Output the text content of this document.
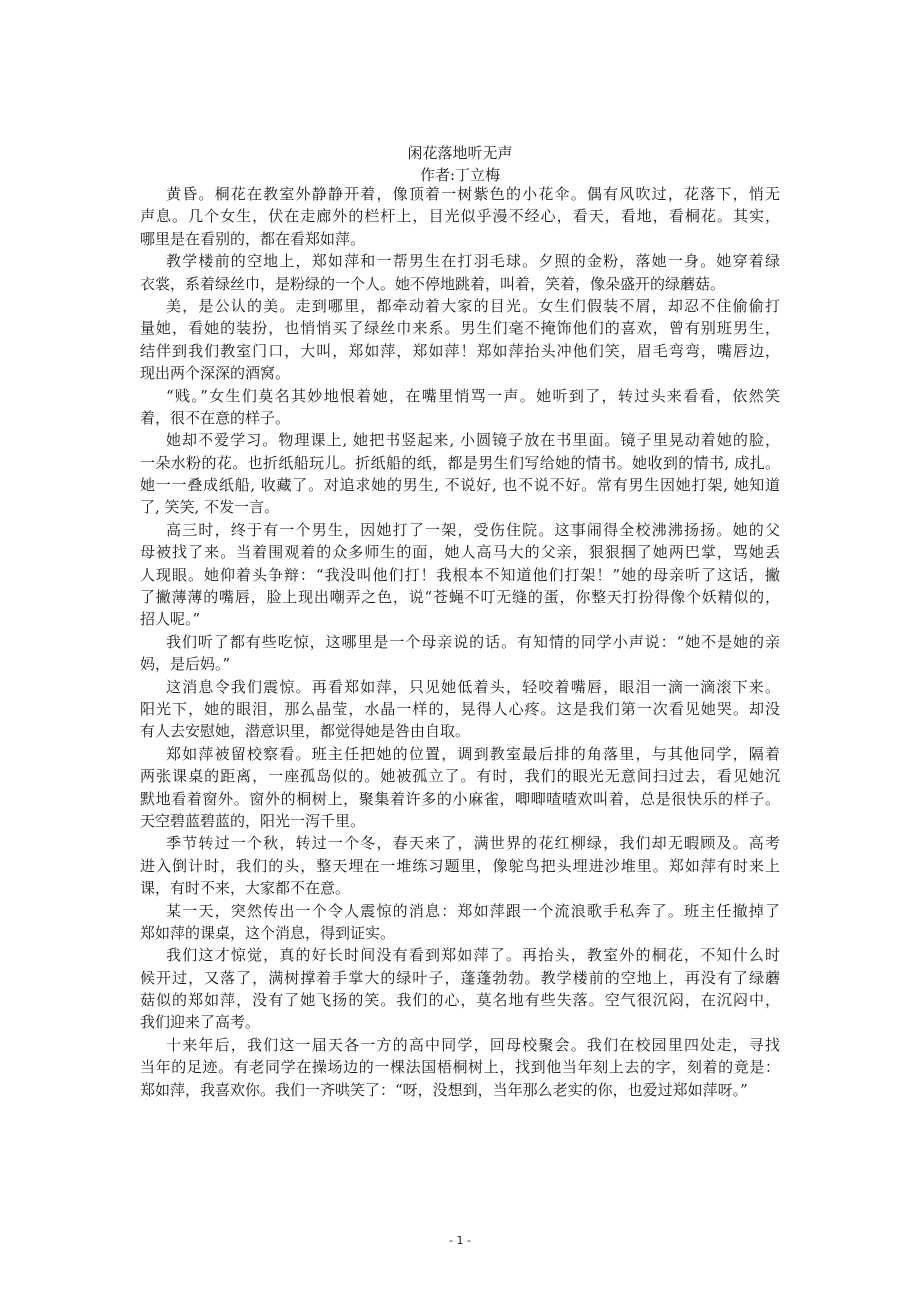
闲花落地听无声
作者:丁立梅

黄昏。桐花在教室外静静开着，像顶着一树紫色的小花伞。偶有风吹过，花落下，悄无
声息。几个女生，伏在走廊外的栏杆上，目光似乎漫不经心，看天，看地，看桐花。其实，
哪里是在看别的，都在看郑如萍。

教学楼前的空地上，郑如萍和一帮男生在打羽毛球。夕照的金粉，落她一身。她穿着绿
衣裳，系着绿丝巾，是粉绿的一个人。她不停地跳着，叫着，笑着，像朵盛开的绿蘑菇。

美，是公认的美。走到哪里，都牵动着大家的目光。女生们假装不屑，却忍不住偷偷打
量她，看她的装扮，也悄悄买了绿丝巾来系。男生们毫不掩饰他们的喜欢，曾有别班男生，
结伴到我们教室门口，大叫，郑如萍，郑如萍！郑如萍抬头冲他们笑，眉毛弯弯，嘴唇边，
现出两个深深的酒窝。

“贱。”女生们莫名其妙地恨着她，在嘴里悄骂一声。她听到了，转过头来看看，依然笑
着，很不在意的样子。

她却不爱学习。物理课上, 她把书竖起来, 小圆镜子放在书里面。镜子里晃动着她的脸，
一朵水粉的花。也折纸船玩儿。折纸船的纸，都是男生们写给她的情书。她收到的情书, 成扎。
她一一叠成纸船, 收藏了。对追求她的男生, 不说好, 也不说不好。常有男生因她打架, 她知道
了, 笑笑, 不发一言。

高三时，终于有一个男生，因她打了一架，受伤住院。这事闹得全校沸沸扬扬。她的父
母被找了来。当着围观着的众多师生的面，她人高马大的父亲，狠狠掴了她两巴掌，骂她丢
人现眼。她仰着头争辩：“我没叫他们打！我根本不知道他们打架！”她的母亲听了这话，撇
了撇薄薄的嘴唇，脸上现出嘲弄之色，说“苍蝇不叮无缝的蛋，你整天打扮得像个妖精似的，
招人呢。”

我们听了都有些吃惊，这哪里是一个母亲说的话。有知情的同学小声说：“她不是她的亲
妈，是后妈。”

这消息令我们震惊。再看郑如萍，只见她低着头，轻咬着嘴唇，眼泪一滴一滴滚下来。
阳光下，她的眼泪，那么晶莹，水晶一样的，晃得人心疼。这是我们第一次看见她哭。却没
有人去安慰她，潜意识里，都觉得她是咎由自取。

郑如萍被留校察看。班主任把她的位置，调到教室最后排的角落里，与其他同学，隔着
两张课桌的距离，一座孤岛似的。她被孤立了。有时，我们的眼光无意间扫过去，看见她沉
默地看着窗外。窗外的桐树上，聚集着许多的小麻雀，唧唧喳喳欢叫着，总是很快乐的样子。
天空碧蓝碧蓝的，阳光一泻千里。

季节转过一个秋，转过一个冬，春天来了，满世界的花红柳绿，我们却无暇顾及。高考
进入倒计时，我们的头，整天埋在一堆练习题里，像鸵鸟把头埋进沙堆里。郑如萍有时来上
课，有时不来，大家都不在意。

某一天，突然传出一个令人震惊的消息：郑如萍跟一个流浪歌手私奔了。班主任撤掉了
郑如萍的课桌，这个消息，得到证实。

我们这才惊觉，真的好长时间没有看到郑如萍了。再抬头，教室外的桐花，不知什么时
候开过，又落了，满树撑着手掌大的绿叶子，蓬蓬勃勃。教学楼前的空地上，再没有了绿蘑
菇似的郑如萍，没有了她飞扬的笑。我们的心，莫名地有些失落。空气很沉闷，在沉闷中，
我们迎来了高考。

十来年后，我们这一届天各一方的高中同学，回母校聚会。我们在校园里四处走，寻找
当年的足迹。有老同学在操场边的一棵法国梧桐树上，找到他当年刻上去的字，刻着的竟是：
郑如萍，我喜欢你。我们一齐哄笑了：“呀，没想到，当年那么老实的你，也爱过郑如萍呀。”

- 1 -
